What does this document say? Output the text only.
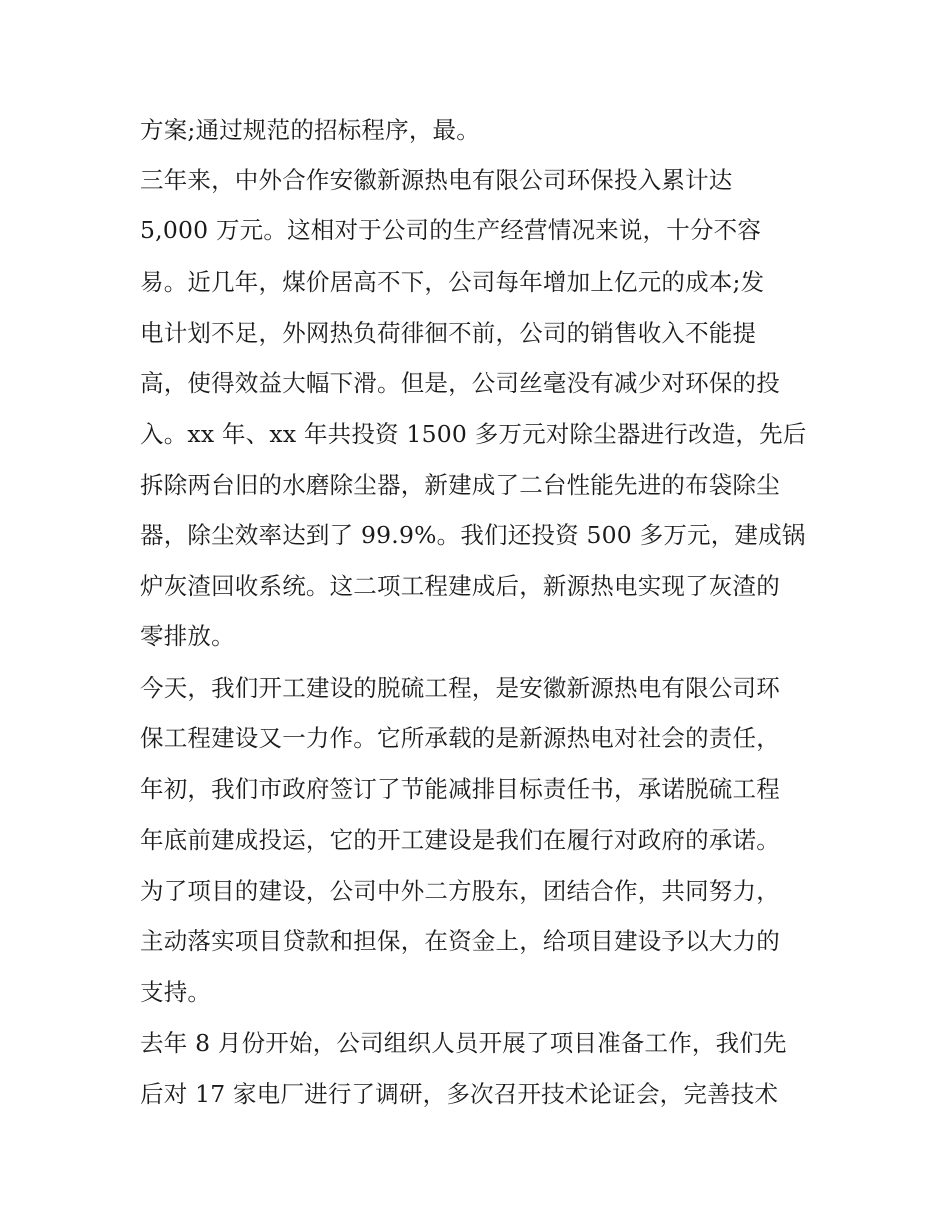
方案;通过规范的招标程序，最。
三年来，中外合作安徽新源热电有限公司环保投入累计达
5,000 万元。这相对于公司的生产经营情况来说，十分不容
易。近几年，煤价居高不下，公司每年增加上亿元的成本;发
电计划不足，外网热负荷徘徊不前，公司的销售收入不能提
高，使得效益大幅下滑。但是，公司丝毫没有减少对环保的投
入。xx 年、xx 年共投资 1500 多万元对除尘器进行改造，先后
拆除两台旧的水磨除尘器，新建成了二台性能先进的布袋除尘
器，除尘效率达到了 99.9%。我们还投资 500 多万元，建成锅
炉灰渣回收系统。这二项工程建成后，新源热电实现了灰渣的
零排放。
今天，我们开工建设的脱硫工程，是安徽新源热电有限公司环
保工程建设又一力作。它所承载的是新源热电对社会的责任，
年初，我们市政府签订了节能减排目标责任书，承诺脱硫工程
年底前建成投运，它的开工建设是我们在履行对政府的承诺。
为了项目的建设，公司中外二方股东，团结合作，共同努力，
主动落实项目贷款和担保，在资金上，给项目建设予以大力的
支持。
去年 8 月份开始，公司组织人员开展了项目准备工作，我们先
后对 17 家电厂进行了调研，多次召开技术论证会，完善技术
